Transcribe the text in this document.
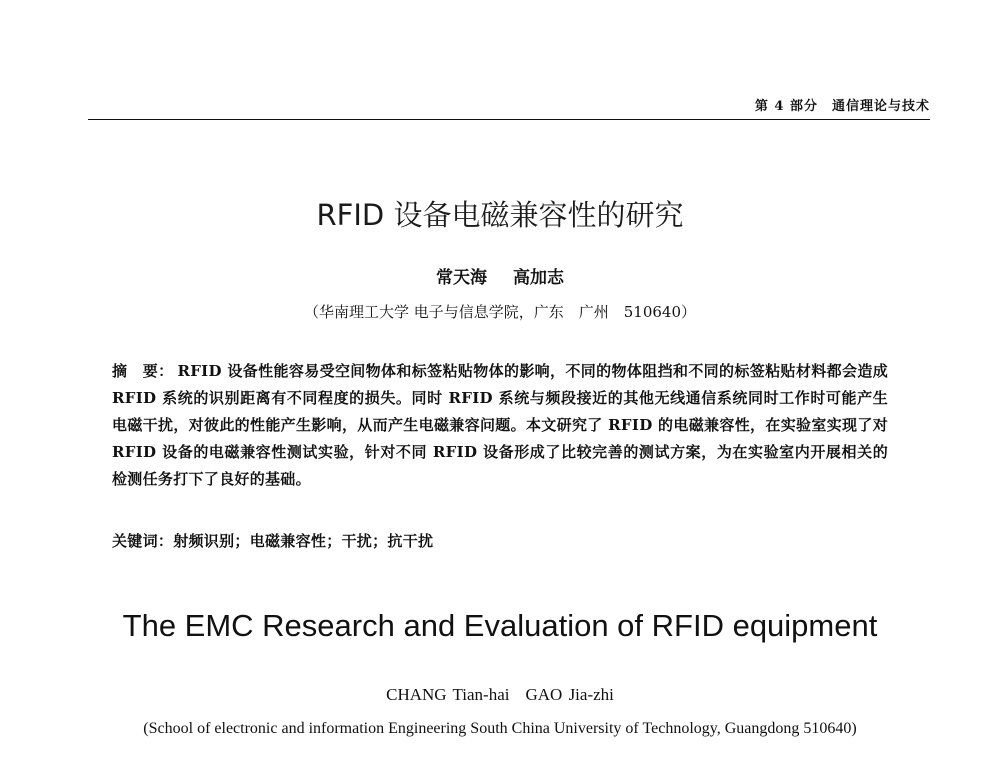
第 4 部分　通信理论与技术
RFID 设备电磁兼容性的研究
常天海 高加志
（华南理工大学 电子与信息学院，广东　广州　510640）
摘　要： RFID 设备性能容易受空间物体和标签粘贴物体的影响，不同的物体阻挡和不同的标签粘贴材料都会造成 RFID 系统的识别距离有不同程度的损失。同时 RFID 系统与频段接近的其他无线通信系统同时工作时可能产生电磁干扰，对彼此的性能产生影响，从而产生电磁兼容问题。本文研究了 RFID 的电磁兼容性，在实验室实现了对 RFID 设备的电磁兼容性测试实验，针对不同 RFID 设备形成了比较完善的测试方案，为在实验室内开展相关的检测任务打下了良好的基础。
关键词：射频识别；电磁兼容性；干扰；抗干扰
The EMC Research and Evaluation of RFID equipment
CHANG Tian-hai GAO Jia-zhi
(School of electronic and information Engineering South China University of Technology, Guangdong 510640)
